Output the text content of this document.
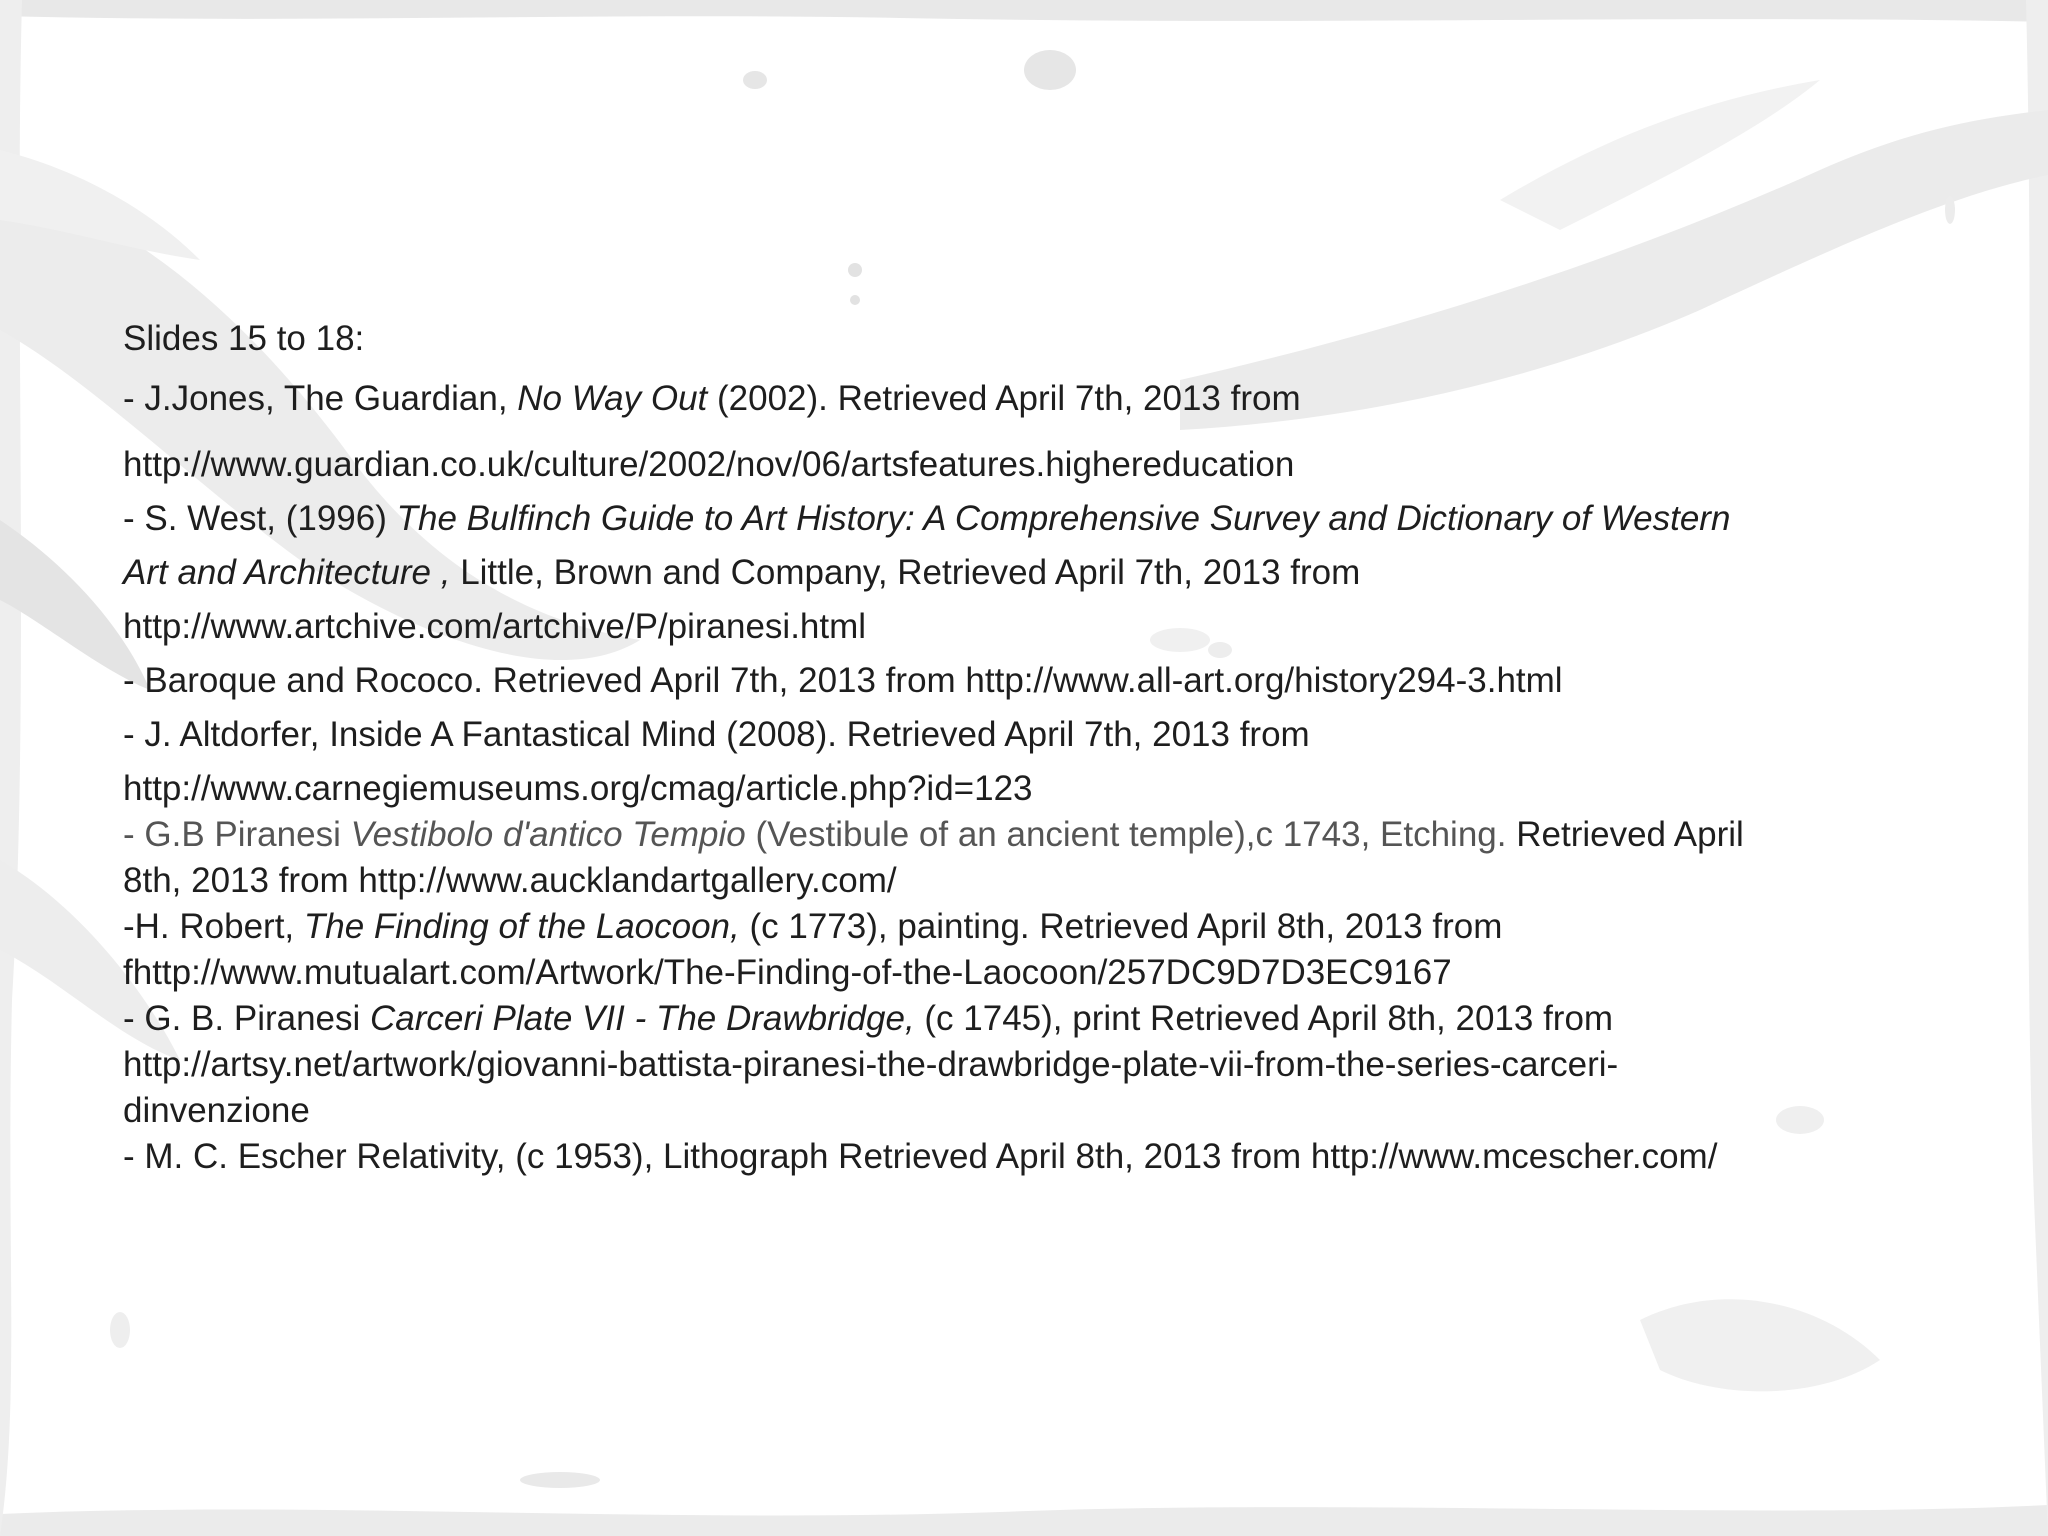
Slides 15 to 18:
- J.Jones, The Guardian, No Way Out (2002). Retrieved April 7th, 2013 from
http://www.guardian.co.uk/culture/2002/nov/06/artsfeatures.highereducation
- S. West, (1996) The Bulfinch Guide to Art History: A Comprehensive Survey and Dictionary of Western
Art and Architecture , Little, Brown and Company, Retrieved April 7th, 2013 from
http://www.artchive.com/artchive/P/piranesi.html
- Baroque and Rococo. Retrieved April 7th, 2013 from http://www.all-art.org/history294-3.html
- J. Altdorfer, Inside A Fantastical Mind (2008). Retrieved April 7th, 2013 from
http://www.carnegiemuseums.org/cmag/article.php?id=123
- G.B Piranesi Vestibolo d'antico Tempio (Vestibule of an ancient temple),c 1743, Etching. Retrieved April
8th, 2013 from http://www.aucklandartgallery.com/
-H. Robert, The Finding of the Laocoon, (c 1773), painting. Retrieved April 8th, 2013 from
fhttp://www.mutualart.com/Artwork/The-Finding-of-the-Laocoon/257DC9D7D3EC9167
- G. B. Piranesi Carceri Plate VII - The Drawbridge, (c 1745), print Retrieved April 8th, 2013 from
http://artsy.net/artwork/giovanni-battista-piranesi-the-drawbridge-plate-vii-from-the-series-carceri-
dinvenzione
- M. C. Escher Relativity, (c 1953), Lithograph Retrieved April 8th, 2013 from http://www.mcescher.com/
